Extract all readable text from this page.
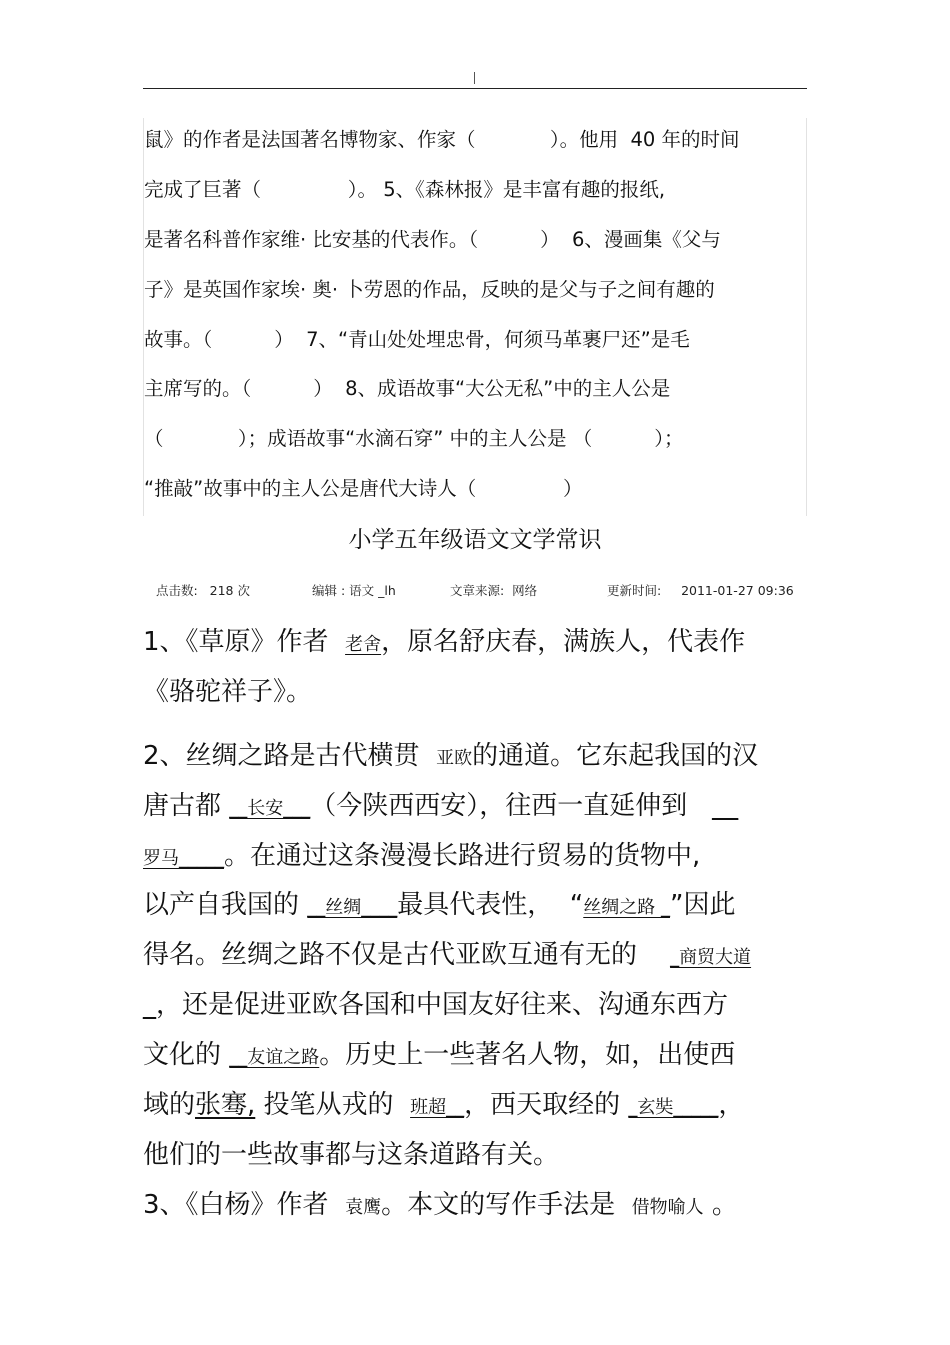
鼠》的作者是法国著名博物家、作家（            ）。他用  40 年的时间
完成了巨著（              ）。 5、《森林报》是丰富有趣的报纸,
是著名科普作家维· 比安基的代表作。（          ）  6、漫画集《父与
子》是英国作家埃· 奥· 卜劳恩的作品，反映的是父与子之间有趣的
故事。（          ）  7、“青山处处埋忠骨，何须马革裹尸还”是毛
主席写的。（          ）  8、成语故事“大公无私”中的主人公是
（            ）；成语故事“水滴石穿” 中的主人公是 （          ）；
“推敲”故事中的主人公是唐代大诗人（              ）
小学五年级语文文学常识
点击数:   218 次	编辑 : 语文 _lh	文章来源:  网络	更新时间:     2011-01-27 09:36
1、《草原》作者  老舍，原名舒庆春，满族人，代表作
《骆驼祥子》。
2、丝绸之路是古代横贯  亚欧的通道。它东起我国的汉
唐古都 __长安___（今陕西西安），往西一直延伸到   __
罗马_____。在通过这条漫漫长路进行贸易的货物中,
以产自我国的 __丝绸____最具代表性，  “丝绸之路 _”因此
得名。丝绸之路不仅是古代亚欧互通有无的    _商贸大道
_，还是促进亚欧各国和中国友好往来、沟通东西方
文化的 __友谊之路。历史上一些著名人物，如，出使西
域的张骞, 投笔从戎的  班超__，西天取经的 _玄奘_____，
他们的一些故事都与这条道路有关。
3、《白杨》作者  袁鹰。本文的写作手法是  借物喻人 。
